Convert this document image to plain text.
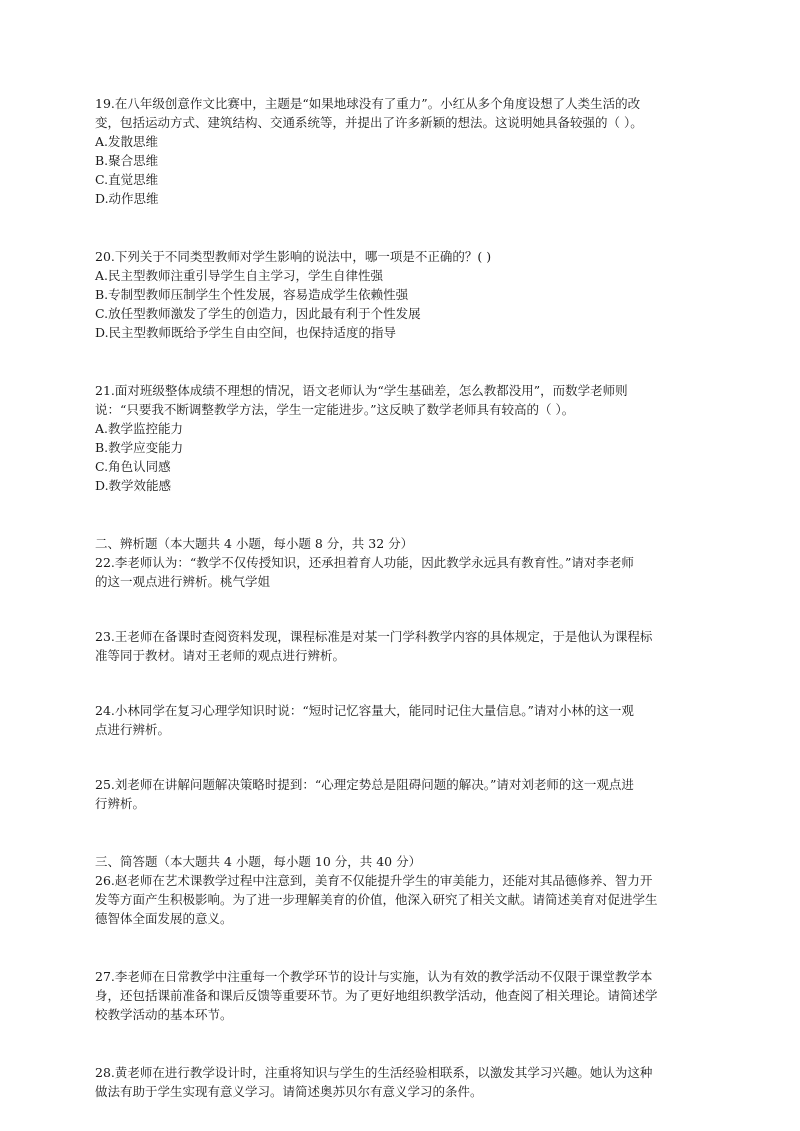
19.在八年级创意作文比赛中，主题是“如果地球没有了重力”。小红从多个角度设想了人类生活的改

变，包括运动方式、建筑结构、交通系统等，并提出了许多新颖的想法。这说明她具备较强的（ ）。

A.发散思维

B.聚合思维

C.直觉思维

D.动作思维

20.下列关于不同类型教师对学生影响的说法中，哪一项是不正确的？( )

A.民主型教师注重引导学生自主学习，学生自律性强

B.专制型教师压制学生个性发展，容易造成学生依赖性强

C.放任型教师激发了学生的创造力，因此最有利于个性发展

D.民主型教师既给予学生自由空间，也保持适度的指导

21.面对班级整体成绩不理想的情况，语文老师认为“学生基础差，怎么教都没用”，而数学老师则

说：“只要我不断调整教学方法，学生一定能进步。”这反映了数学老师具有较高的（ ）。

A.教学监控能力

B.教学应变能力

C.角色认同感

D.教学效能感

二、辨析题（本大题共 4 小题，每小题 8 分，共 32 分）

22.李老师认为：“教学不仅传授知识，还承担着育人功能，因此教学永远具有教育性。”请对李老师

的这一观点进行辨析。桃气学姐

23.王老师在备课时查阅资料发现，课程标准是对某一门学科教学内容的具体规定，于是他认为课程标

准等同于教材。请对王老师的观点进行辨析。

24.小林同学在复习心理学知识时说：“短时记忆容量大，能同时记住大量信息。”请对小林的这一观

点进行辨析。

25.刘老师在讲解问题解决策略时提到：“心理定势总是阻碍问题的解决。”请对刘老师的这一观点进

行辨析。

三、简答题（本大题共 4 小题，每小题 10 分，共 40 分）

26.赵老师在艺术课教学过程中注意到，美育不仅能提升学生的审美能力，还能对其品德修养、智力开

发等方面产生积极影响。为了进一步理解美育的价值，他深入研究了相关文献。请简述美育对促进学生

德智体全面发展的意义。

27.李老师在日常教学中注重每一个教学环节的设计与实施，认为有效的教学活动不仅限于课堂教学本

身，还包括课前准备和课后反馈等重要环节。为了更好地组织教学活动，他查阅了相关理论。请简述学

校教学活动的基本环节。

28.黄老师在进行教学设计时，注重将知识与学生的生活经验相联系，以激发其学习兴趣。她认为这种

做法有助于学生实现有意义学习。请简述奥苏贝尔有意义学习的条件。
